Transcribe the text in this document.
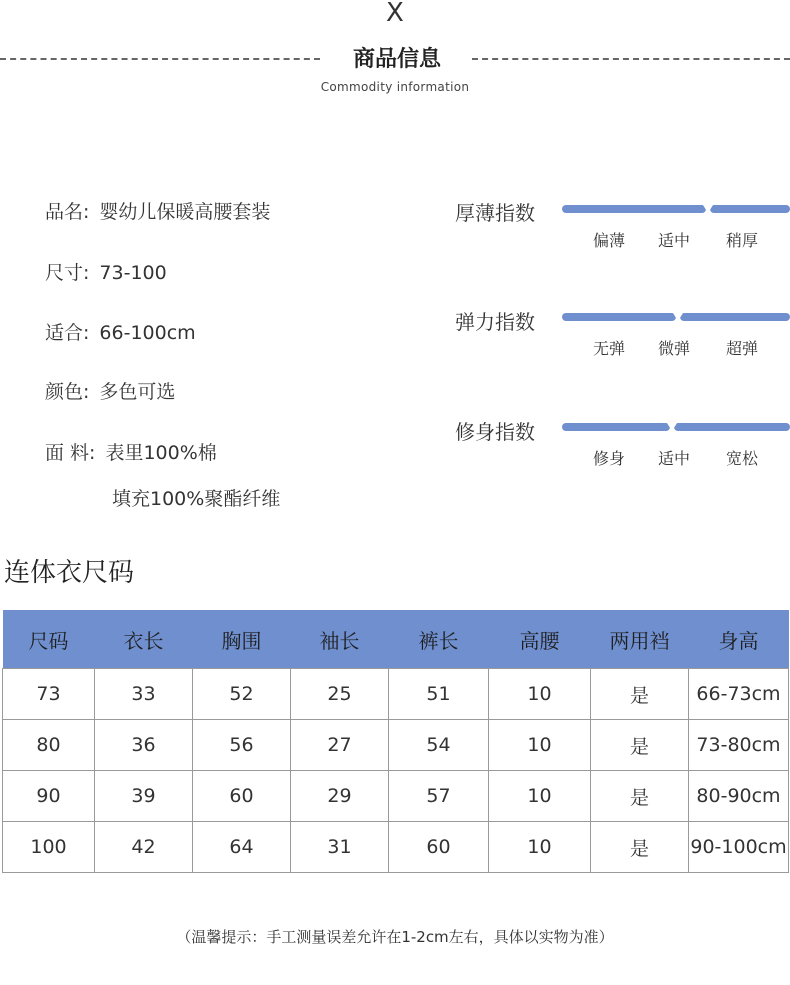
X
商品信息
Commodity information
品名: 婴幼儿保暖高腰套装
尺寸: 73-100
适合: 66-100cm
颜色: 多色可选
面 料: 表里100%棉
填充100%聚酯纤维
厚薄指数
偏薄 适中 稍厚
弹力指数
无弹 微弹 超弹
修身指数
修身 适中 宽松
连体衣尺码
尺码	衣长	胸围	袖长	裤长	高腰	两用裆	身高
73	33	52	25	51	10	是	66-73cm
80	36	56	27	54	10	是	73-80cm
90	39	60	29	57	10	是	80-90cm
100	42	64	31	60	10	是	90-100cm
（温馨提示：手工测量误差允许在1-2cm左右，具体以实物为准）
